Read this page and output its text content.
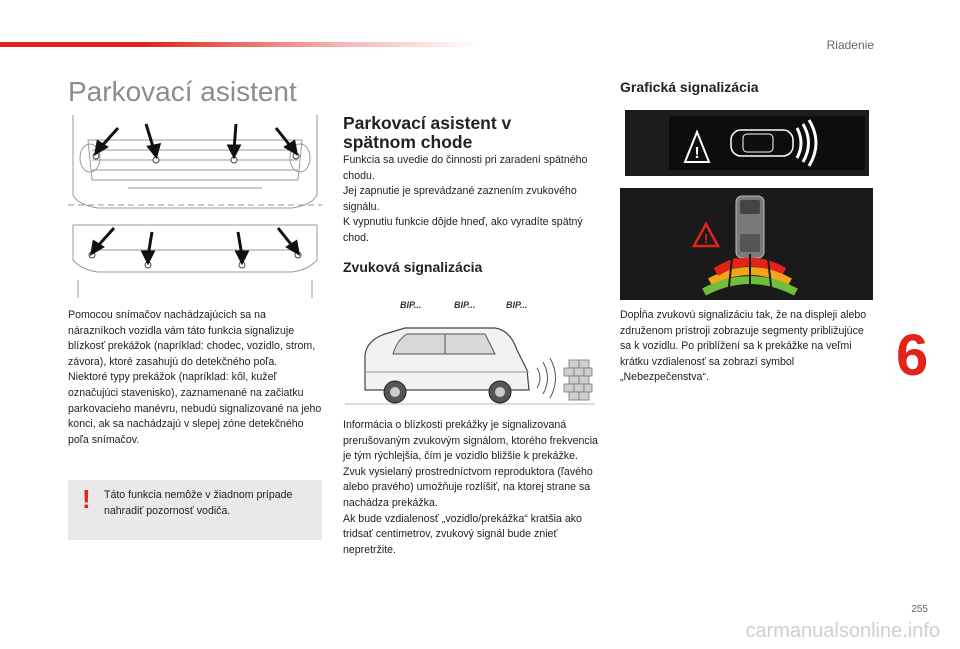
Riadenie
Parkovací asistent

Pomocou snímačov nachádzajúcich sa na nárazníkoch vozidla vám táto funkcia signalizuje blízkosť prekážok (napríklad: chodec, vozidlo, strom, závora), ktoré zasahujú do detekčného poľa.

Niektoré typy prekážok (napríklad: kôl, kužeľ označujúci stavenisko), zaznamenané na začiatku parkovacieho manévru, nebudú signalizované na jeho konci, ak sa nachádzajú v slepej zóne detekčného poľa snímačov.

! Táto funkcia nemôže v žiadnom prípade nahradiť pozornosť vodiča.
Parkovací asistent v spätnom chode

Funkcia sa uvedie do činnosti pri zaradení spätného chodu.

Jej zapnutie je sprevádzané zaznením zvukového signálu.

K vypnutiu funkcie dôjde hneď, ako vyradíte spätný chod.

Zvuková signalizácia
BIP...	BIP...	BIP...

Informácia o blízkosti prekážky je signalizovaná prerušovaným zvukovým signálom, ktorého frekvencia je tým rýchlejšia, čím je vozidlo bližšie k prekážke.

Zvuk vysielaný prostredníctvom reproduktora (ľavého alebo pravého) umožňuje rozlíšiť, na ktorej strane sa nachádza prekážka.

Ak bude vzdialenosť „vozidlo/prekážka“ kratšia ako tridsať centimetrov, zvukový signál bude znieť nepretržite.

Grafická signalizácia
!
!
Dopĺňa zvukovú signalizáciu tak, že na displeji alebo združenom prístroji zobrazuje segmenty približujúce sa k vozidlu. Po priblížení sa k prekážke na veľmi krátku vzdialenosť sa zobrazí symbol „Nebezpečenstva“.	6
255
carmanualsonline.info
